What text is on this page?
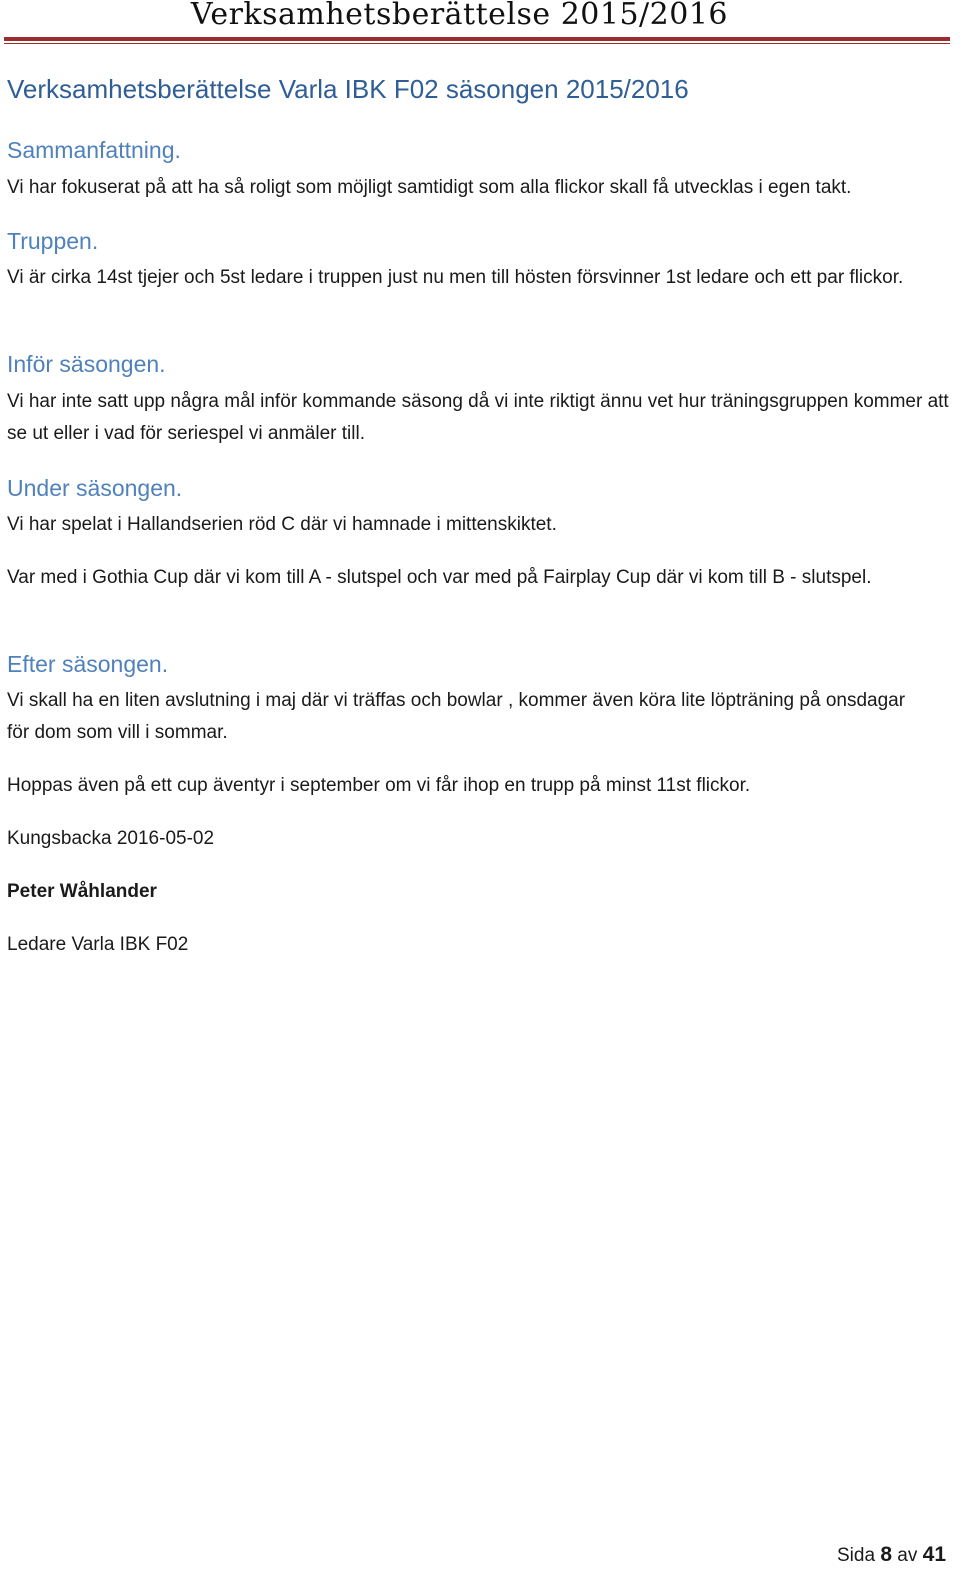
Verksamhetsberättelse 2015/2016
Verksamhetsberättelse Varla IBK F02 säsongen 2015/2016
Sammanfattning.

Vi har fokuserat på att ha så roligt som möjligt samtidigt som alla flickor skall få utvecklas i egen takt.

Truppen.

Vi är cirka 14st tjejer och 5st ledare i truppen just nu men till hösten försvinner 1st ledare och ett par flickor.

Inför säsongen.

Vi har inte satt upp några mål inför kommande säsong då vi inte riktigt ännu vet hur träningsgruppen kommer att se ut eller i vad för seriespel vi anmäler till.

Under säsongen.

Vi har spelat i Hallandserien röd C där vi hamnade i mittenskiktet.

Var med i Gothia Cup där vi kom till A - slutspel och var med på Fairplay Cup där vi kom till B - slutspel.

Efter säsongen.

Vi skall ha en liten avslutning i maj där vi träffas och bowlar , kommer även köra lite löpträning på onsdagar för dom som vill i sommar.

Hoppas även på ett cup äventyr i september om vi får ihop en trupp på minst 11st flickor.

Kungsbacka 2016-05-02

Peter Wåhlander

Ledare Varla IBK F02

Sida 8 av 41
